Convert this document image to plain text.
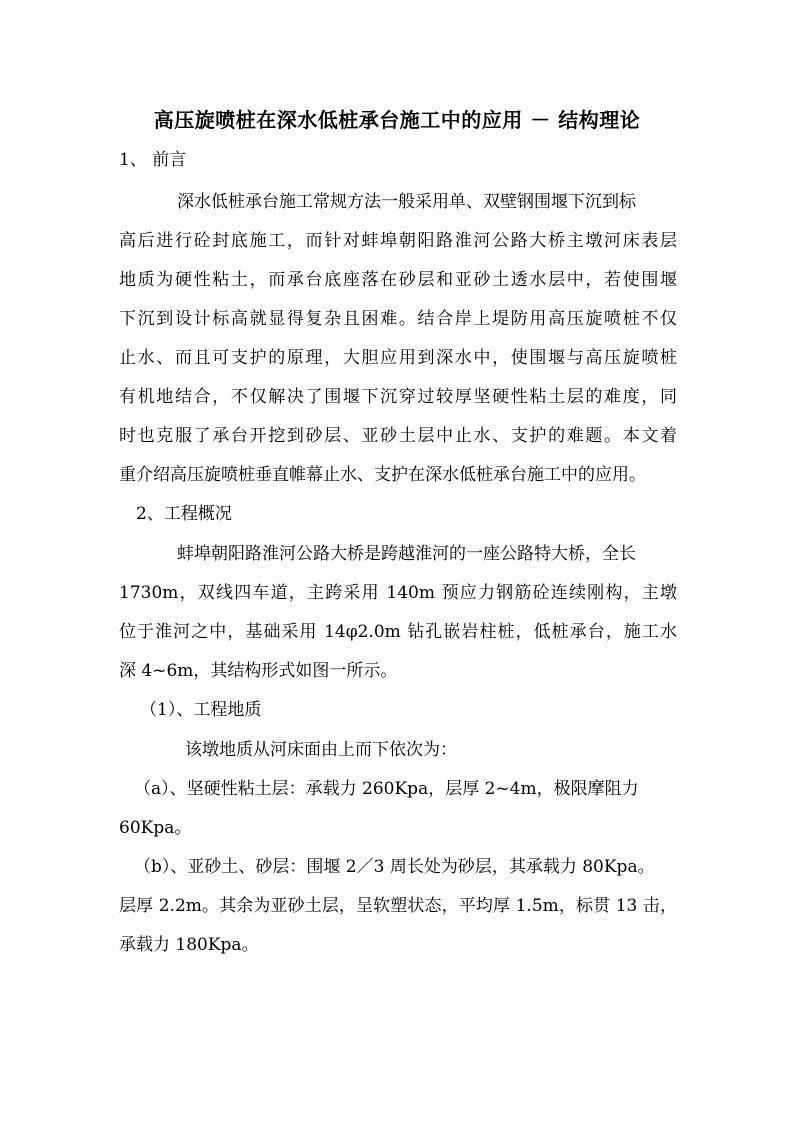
高压旋喷桩在深水低桩承台施工中的应用 － 结构理论
1、 前言
深水低桩承台施工常规方法一般采用单、双壁钢围堰下沉到标
高后进行砼封底施工，而针对蚌埠朝阳路淮河公路大桥主墩河床表层
地质为硬性粘土，而承台底座落在砂层和亚砂土透水层中，若使围堰
下沉到设计标高就显得复杂且困难。结合岸上堤防用高压旋喷桩不仅
止水、而且可支护的原理，大胆应用到深水中，使围堰与高压旋喷桩
有机地结合，不仅解决了围堰下沉穿过较厚坚硬性粘土层的难度，同
时也克服了承台开挖到砂层、亚砂土层中止水、支护的难题。本文着
重介绍高压旋喷桩垂直帷幕止水、支护在深水低桩承台施工中的应用。
2、工程概况
蚌埠朝阳路淮河公路大桥是跨越淮河的一座公路特大桥，全长
1730m，双线四车道，主跨采用 140m 预应力钢筋砼连续刚构，主墩
位于淮河之中，基础采用 14φ2.0m 钻孔嵌岩柱桩，低桩承台，施工水
深 4~6m，其结构形式如图一所示。
（1）、工程地质
该墩地质从河床面由上而下依次为：
（a）、坚硬性粘土层：承载力 260Kpa，层厚 2~4m，极限摩阻力
60Kpa。
（b）、亚砂土、砂层：围堰 2／3 周长处为砂层，其承载力 80Kpa。
层厚 2.2m。其余为亚砂土层，呈软塑状态，平均厚 1.5m，标贯 13 击，
承载力 180Kpa。
